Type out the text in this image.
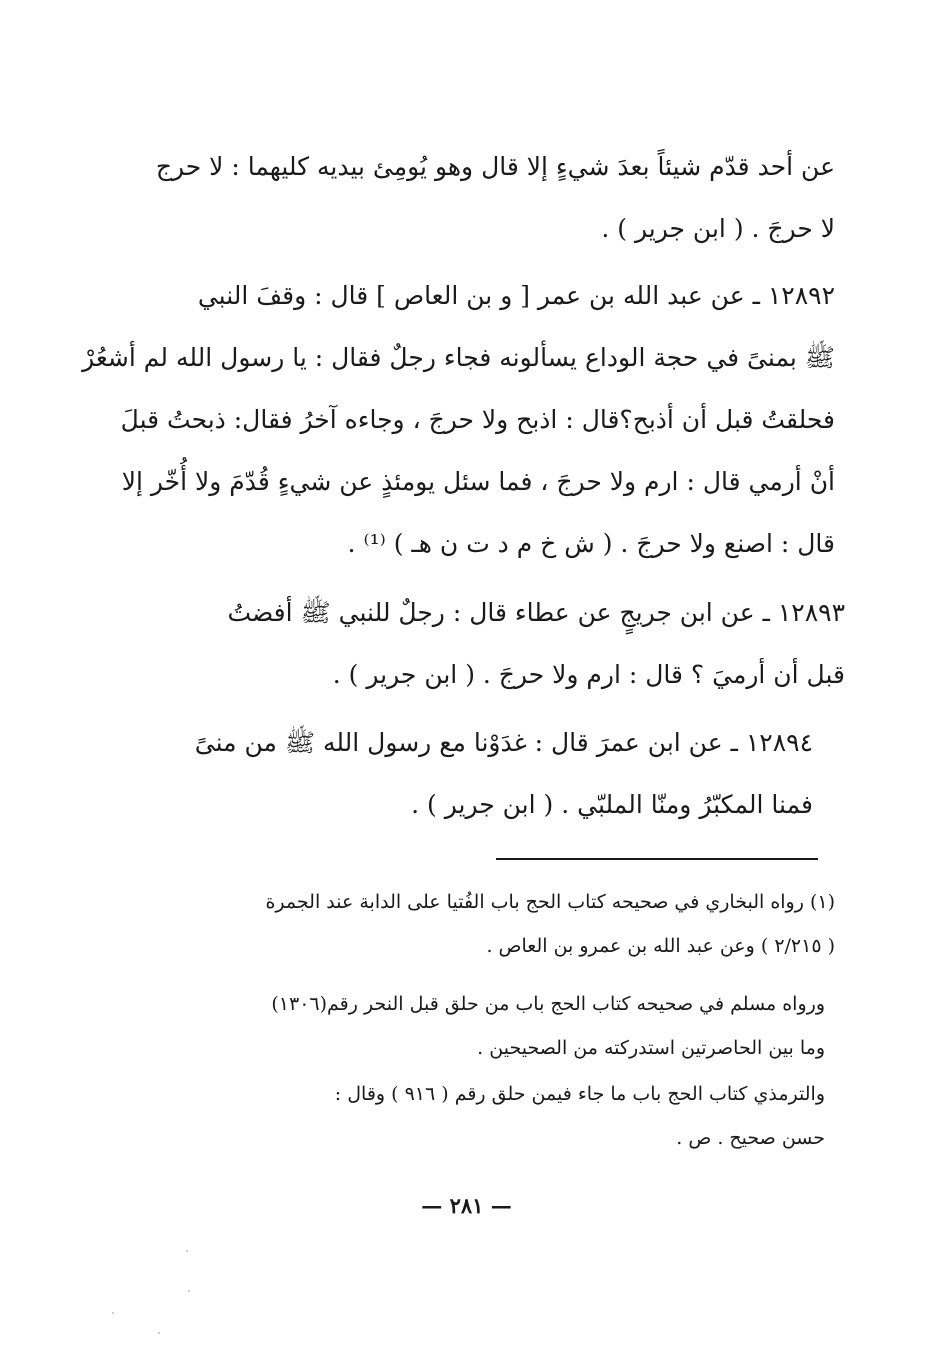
عن أحد قدّم شيئاً بعدَ شيءٍ إلا قال وهو يُومِئ بيديه كليهما : لا حرج
لا حرجَ . ( ابن جرير ) .
١٢٨٩٢ ـ عن عبد الله بن عمر [ و بن العاص ] قال : وقفَ النبي
ﷺ بمنىً في حجة الوداع يسألونه فجاء رجلٌ فقال : يا رسول الله لم أشعُرْ
فحلقتُ قبل أن أذبح؟قال : اذبح ولا حرجَ ، وجاءه آخرُ فقال: ذبحتُ قبلَ
أنْ أرمي قال : ارم ولا حرجَ ، فما سئل يومئذٍ عن شيءٍ قُدّمَ ولا أُخّر إلا
قال : اصنع ولا حرجَ . ( ش خ م د ت ن هـ ) ⁽¹⁾ .
١٢٨٩٣ ـ عن ابن جريجٍ عن عطاء قال : رجلٌ للنبي ﷺ أفضتُ
قبل أن أرميَ ؟ قال : ارم ولا حرجَ . ( ابن جرير ) .
١٢٨٩٤ ـ عن ابن عمرَ قال : غدَوْنا مع رسول الله ﷺ من منىً
فمنا المكبّرُ ومنّا الملبّي . ( ابن جرير ) .
(١) رواه البخاري في صحيحه كتاب الحج باب الفُتيا على الدابة عند الجمرة
( ٢/٢١٥ ) وعن عبد الله بن عمرو بن العاص .
ورواه مسلم في صحيحه كتاب الحج باب من حلق قبل النحر رقم(١٣٠٦)
وما بين الحاصرتين استدركته من الصحيحين .
والترمذي كتاب الحج باب ما جاء فيمن حلق رقم ( ٩١٦ ) وقال :
حسن صحيح . ص .
— ٢٨١ —
